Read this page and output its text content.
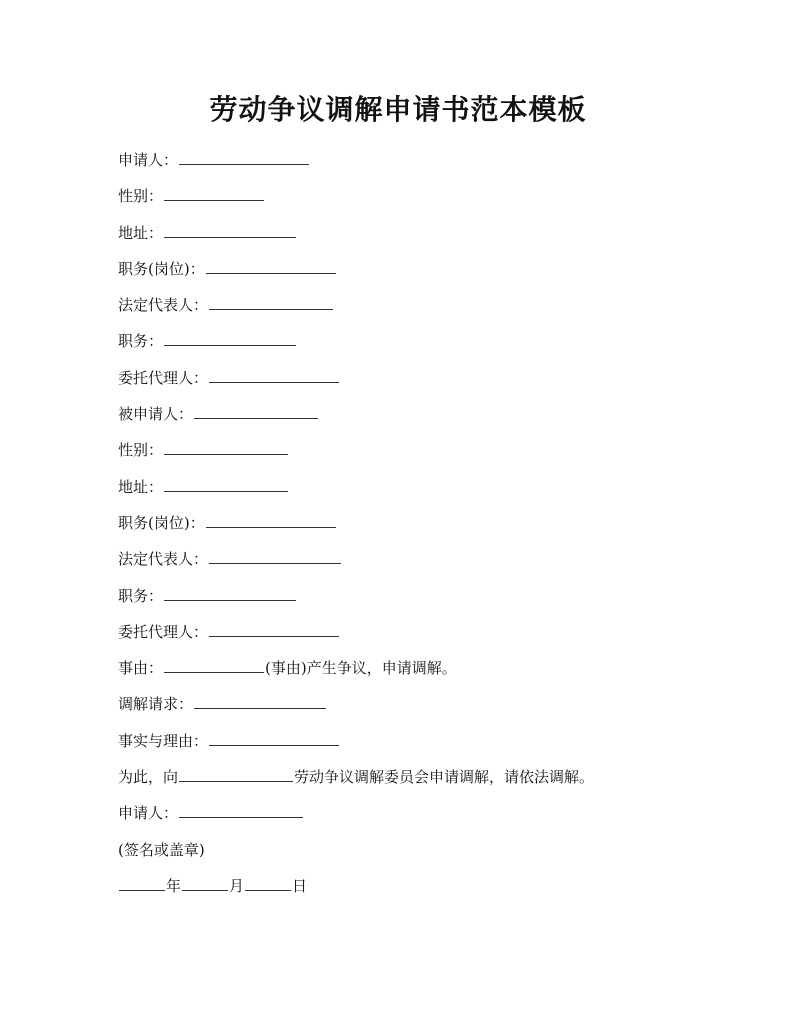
劳动争议调解申请书范本模板
申请人：
性别：
地址：
职务(岗位)：
法定代表人：
职务：
委托代理人：
被申请人：
性别：
地址：
职务(岗位)：
法定代表人：
职务：
委托代理人：
事由：	(事由)产生争议，申请调解。
调解请求：
事实与理由：
为此，向	劳动争议调解委员会申请调解，请依法调解。
申请人：
(签名或盖章)
年	月	日
